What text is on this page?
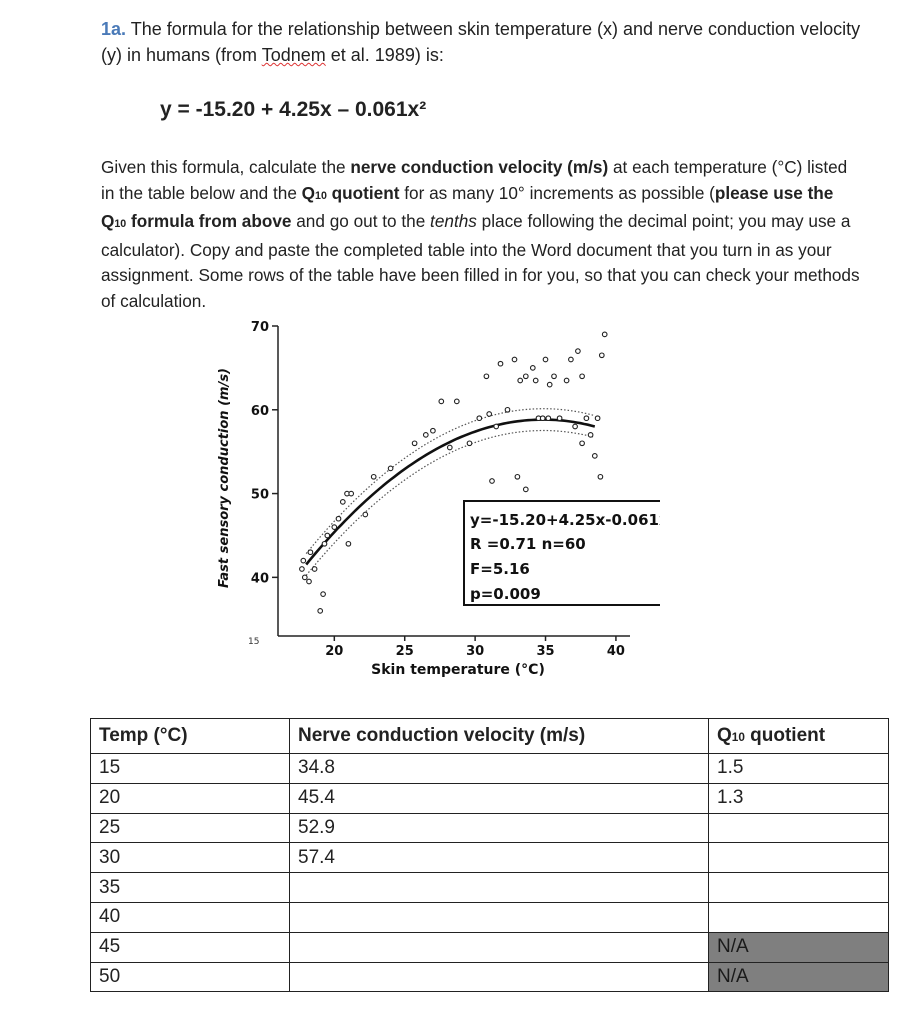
1a. The formula for the relationship between skin temperature (x) and nerve conduction velocity (y) in humans (from Todnem et al. 1989) is:
y = -15.20 + 4.25x – 0.061x²
Given this formula, calculate the nerve conduction velocity (m/s) at each temperature (°C) listed in the table below and the Q10 quotient for as many 10° increments as possible (please use the Q10 formula from above and go out to the tenths place following the decimal point; you may use a calculator). Copy and paste the completed table into the Word document that you turn in as your assignment. Some rows of the table have been filled in for you, so that you can check your methods of calculation.
40
50
60
70
20	25	30	35	40
Fast sensory conduction (m/s)
Skin temperature (°C)
15
y=-15.20+4.25x-0.061x²
R =0.71 n=60
F=5.16
p=0.009
Temp (°C)	Nerve conduction velocity (m/s)	Q10 quotient
15	34.8	1.5
20	45.4	1.3
25	52.9	
30	57.4	
35		
40		
45		N/A
50		N/A
